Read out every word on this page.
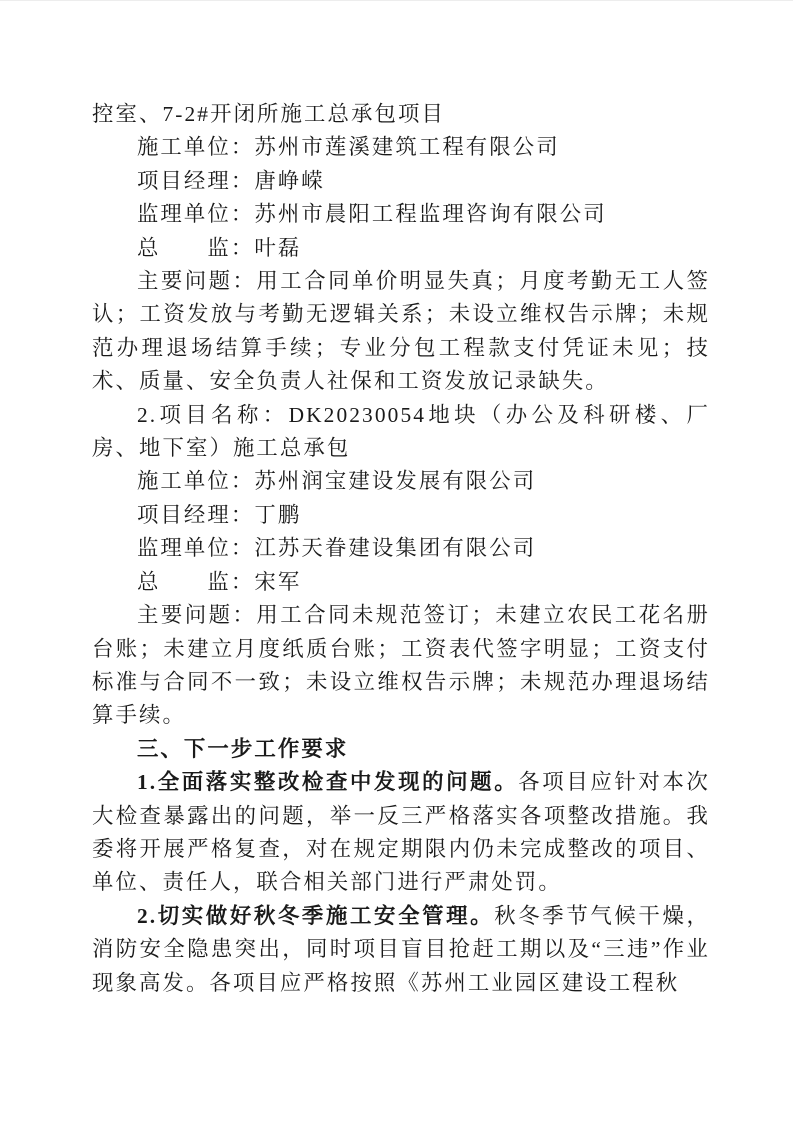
控室、7-2#开闭所施工总承包项目

施工单位：苏州市莲溪建筑工程有限公司

项目经理：唐峥嵘

监理单位：苏州市晨阳工程监理咨询有限公司

总　　监：叶磊

主要问题：用工合同单价明显失真；月度考勤无工人签认；工资发放与考勤无逻辑关系；未设立维权告示牌；未规范办理退场结算手续；专业分包工程款支付凭证未见；技术、质量、安全负责人社保和工资发放记录缺失。

2.项目名称：DK20230054地块（办公及科研楼、厂房、地下室）施工总承包

施工单位：苏州润宝建设发展有限公司

项目经理：丁鹏

监理单位：江苏天眷建设集团有限公司

总　　监：宋军

主要问题：用工合同未规范签订；未建立农民工花名册台账；未建立月度纸质台账；工资表代签字明显；工资支付标准与合同不一致；未设立维权告示牌；未规范办理退场结算手续。

三、下一步工作要求

1.全面落实整改检查中发现的问题。各项目应针对本次大检查暴露出的问题，举一反三严格落实各项整改措施。我委将开展严格复查，对在规定期限内仍未完成整改的项目、单位、责任人，联合相关部门进行严肃处罚。

2.切实做好秋冬季施工安全管理。秋冬季节气候干燥，消防安全隐患突出，同时项目盲目抢赶工期以及“三违”作业现象高发。各项目应严格按照《苏州工业园区建设工程秋
